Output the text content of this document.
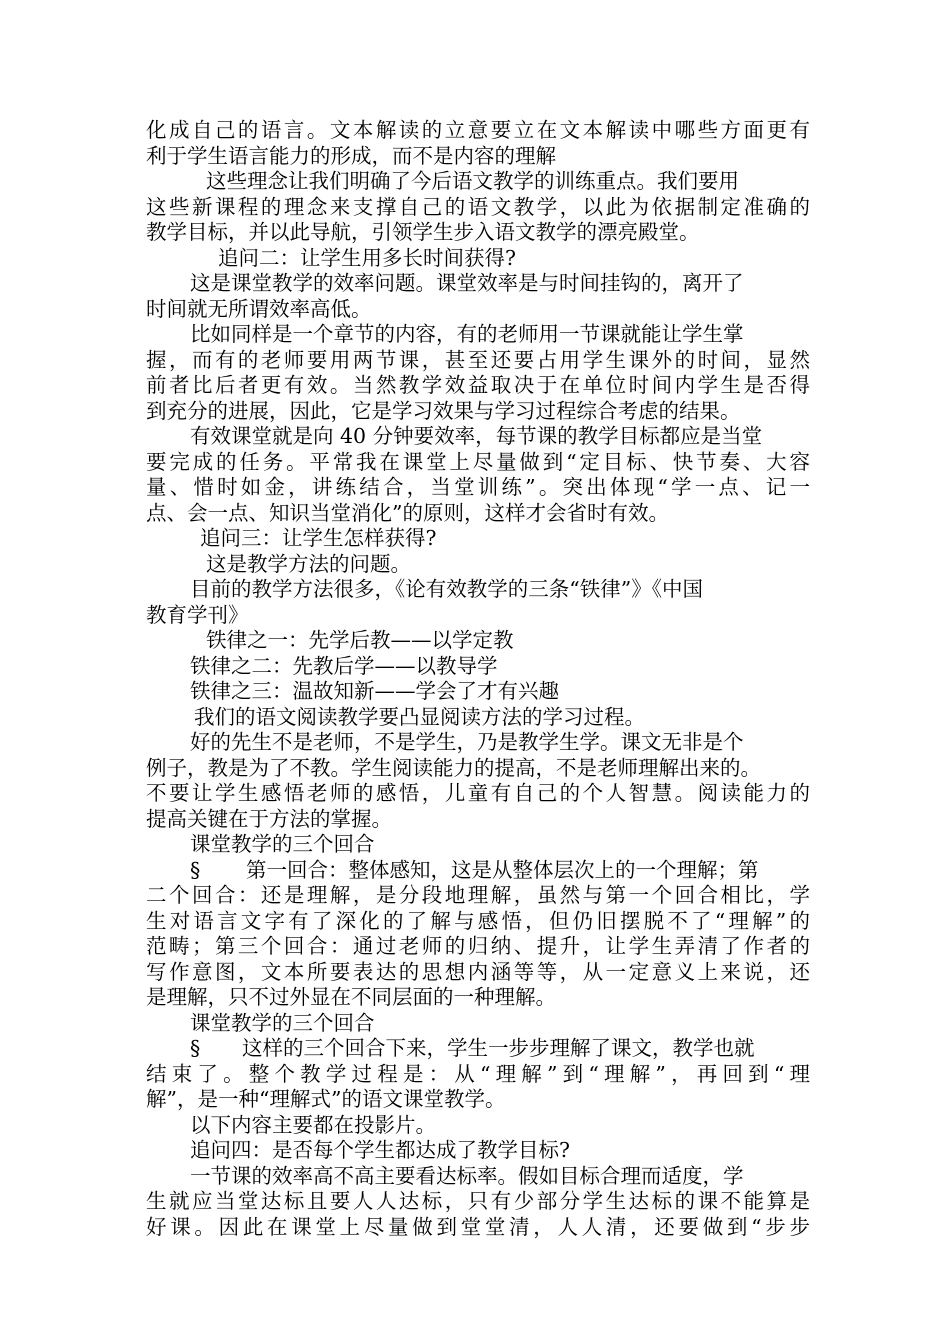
化成自己的语言。文本解读的立意要立在文本解读中哪些方面更有
利于学生语言能力的形成，而不是内容的理解
这些理念让我们明确了今后语文教学的训练重点。我们要用
这些新课程的理念来支撑自己的语文教学，以此为依据制定准确的
教学目标，并以此导航，引领学生步入语文教学的漂亮殿堂。
追问二：让学生用多长时间获得?
这是课堂教学的效率问题。课堂效率是与时间挂钩的，离开了
时间就无所谓效率高低。
比如同样是一个章节的内容，有的老师用一节课就能让学生掌
握，而有的老师要用两节课，甚至还要占用学生课外的时间，显然
前者比后者更有效。当然教学效益取决于在单位时间内学生是否得
到充分的进展，因此，它是学习效果与学习过程综合考虑的结果。
有效课堂就是向 40 分钟要效率，每节课的教学目标都应是当堂
要完成的任务。平常我在课堂上尽量做到“定目标、快节奏、大容
量、惜时如金，讲练结合，当堂训练”。突出体现“学一点、记一
点、会一点、知识当堂消化”的原则，这样才会省时有效。
追问三：让学生怎样获得?
这是教学方法的问题。
目前的教学方法很多，《论有效教学的三条“铁律”》《中国
教育学刊》
铁律之一：先学后教——以学定教
铁律之二：先教后学——以教导学
铁律之三：温故知新——学会了才有兴趣
我们的语文阅读教学要凸显阅读方法的学习过程。
好的先生不是老师，不是学生，乃是教学生学。课文无非是个
例子，教是为了不教。学生阅读能力的提高，不是老师理解出来的。
不要让学生感悟老师的感悟，儿童有自己的个人智慧。阅读能力的
提高关键在于方法的掌握。
课堂教学的三个回合
§ 第一回合：整体感知，这是从整体层次上的一个理解；第
二个回合：还是理解，是分段地理解，虽然与第一个回合相比，学
生对语言文字有了深化的了解与感悟，但仍旧摆脱不了“理解”的
范畴；第三个回合：通过老师的归纳、提升，让学生弄清了作者的
写作意图，文本所要表达的思想内涵等等，从一定意义上来说，还
是理解，只不过外显在不同层面的一种理解。
课堂教学的三个回合
§ 这样的三个回合下来，学生一步步理解了课文，教学也就
结束了。整个教学过程是：从“理解”到“理解”，再回到“理
解”，是一种“理解式”的语文课堂教学。
以下内容主要都在投影片。
追问四：是否每个学生都达成了教学目标?
一节课的效率高不高主要看达标率。假如目标合理而适度，学
生就应当堂达标且要人人达标，只有少部分学生达标的课不能算是
好课。因此在课堂上尽量做到堂堂清，人人清，还要做到“步步
